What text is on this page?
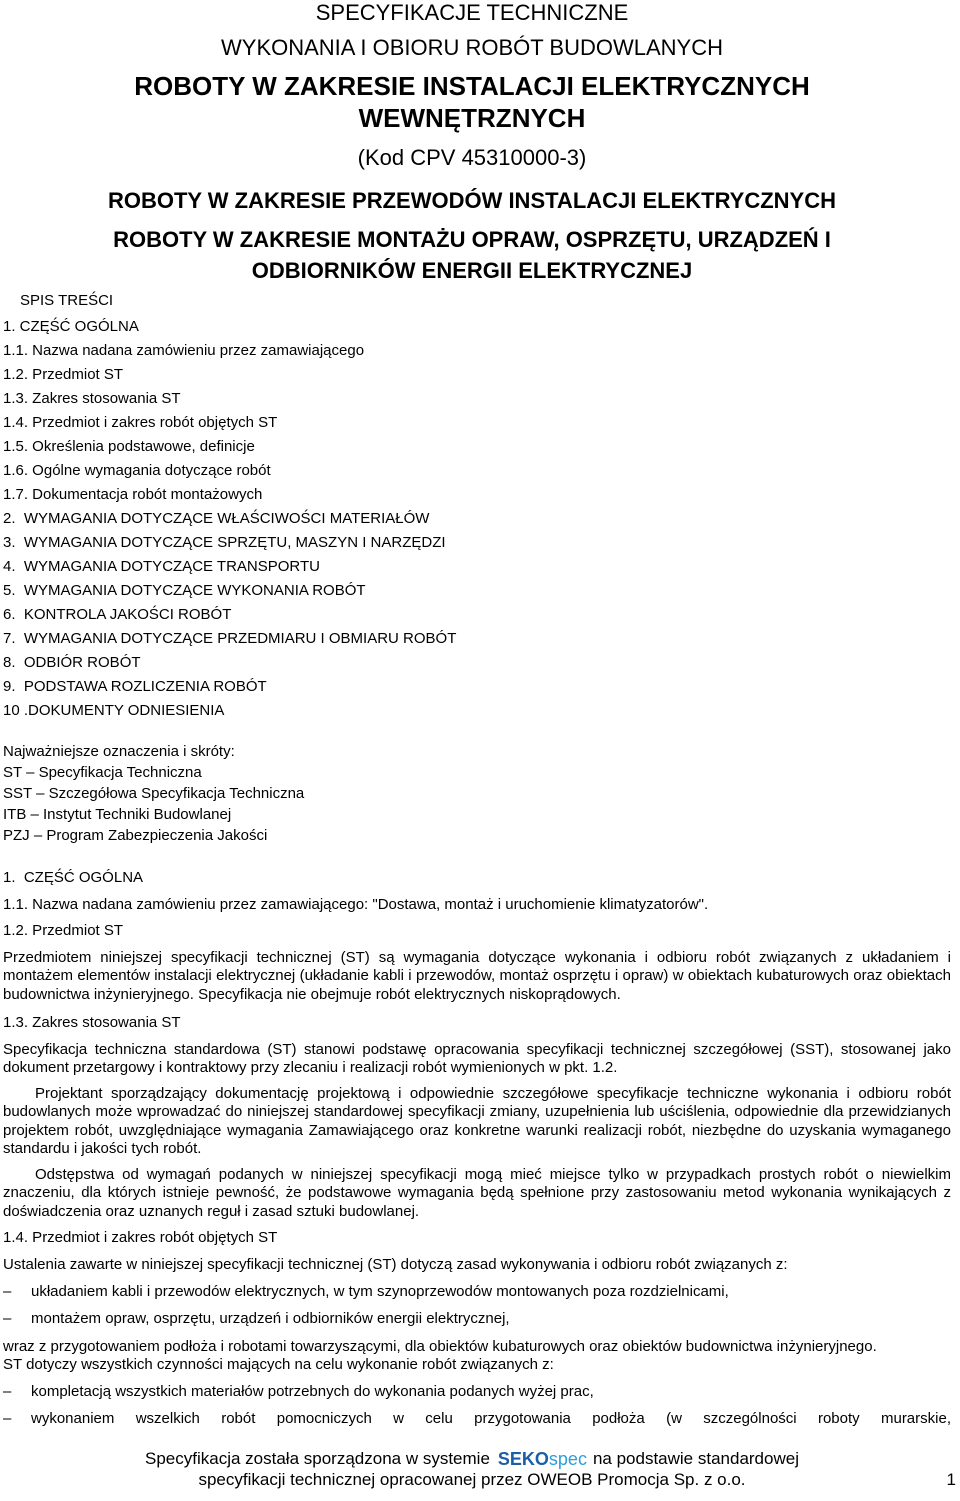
SPECYFIKACJE TECHNICZNE
WYKONANIA I OBIORU ROBÓT BUDOWLANYCH
ROBOTY W ZAKRESIE INSTALACJI ELEKTRYCZNYCH
WEWNĘTRZNYCH
(Kod CPV 45310000-3)
ROBOTY W ZAKRESIE PRZEWODÓW INSTALACJI ELEKTRYCZNYCH
ROBOTY W ZAKRESIE MONTAŻU OPRAW, OSPRZĘTU, URZĄDZEŃ I
ODBIORNIKÓW ENERGII ELEKTRYCZNEJ
SPIS TREŚCI
1. CZĘŚĆ OGÓLNA
1.1. Nazwa nadana zamówieniu przez zamawiającego
1.2. Przedmiot ST
1.3. Zakres stosowania ST
1.4. Przedmiot i zakres robót objętych ST
1.5. Określenia podstawowe, definicje
1.6. Ogólne wymagania dotyczące robót
1.7. Dokumentacja robót montażowych
2.  WYMAGANIA DOTYCZĄCE WŁAŚCIWOŚCI MATERIAŁÓW
3.  WYMAGANIA DOTYCZĄCE SPRZĘTU, MASZYN I NARZĘDZI
4.  WYMAGANIA DOTYCZĄCE TRANSPORTU
5.  WYMAGANIA DOTYCZĄCE WYKONANIA ROBÓT
6.  KONTROLA JAKOŚCI ROBÓT
7.  WYMAGANIA DOTYCZĄCE PRZEDMIARU I OBMIARU ROBÓT
8.  ODBIÓR ROBÓT
9.  PODSTAWA ROZLICZENIA ROBÓT
10 .DOKUMENTY ODNIESIENIA
Najważniejsze oznaczenia i skróty:
ST – Specyfikacja Techniczna
SST – Szczegółowa Specyfikacja Techniczna
ITB – Instytut Techniki Budowlanej
PZJ – Program Zabezpieczenia Jakości
1.  CZĘŚĆ OGÓLNA
1.1. Nazwa nadana zamówieniu przez zamawiającego: "Dostawa, montaż i uruchomienie klimatyzatorów".
1.2. Przedmiot ST
Przedmiotem niniejszej specyfikacji technicznej (ST) są wymagania dotyczące wykonania i odbioru robót związanych z układaniem i montażem elementów instalacji elektrycznej (układanie kabli i przewodów, montaż osprzętu i opraw) w obiektach kubaturowych oraz obiektach budownictwa inżynieryjnego. Specyfikacja nie obejmuje robót elektrycznych niskoprądowych.
1.3. Zakres stosowania ST
Specyfikacja techniczna standardowa (ST) stanowi podstawę opracowania specyfikacji technicznej szczegółowej (SST), stosowanej jako dokument przetargowy i kontraktowy przy zlecaniu i realizacji robót wymienionych w pkt. 1.2.
Projektant sporządzający dokumentację projektową i odpowiednie szczegółowe specyfikacje techniczne wykonania i odbioru robót budowlanych może wprowadzać do niniejszej standardowej specyfikacji zmiany, uzupełnienia lub uściślenia, odpowiednie dla przewidzianych projektem robót, uwzględniające wymagania Zamawiającego oraz konkretne warunki realizacji robót, niezbędne do uzyskania wymaganego standardu i jakości tych robót.
Odstępstwa od wymagań podanych w niniejszej specyfikacji mogą mieć miejsce tylko w przypadkach prostych robót o niewielkim znaczeniu, dla których istnieje pewność, że podstawowe wymagania będą spełnione przy zastosowaniu metod wykonania wynikających z doświadczenia oraz uznanych reguł i zasad sztuki budowlanej.
1.4. Przedmiot i zakres robót objętych ST
Ustalenia zawarte w niniejszej specyfikacji technicznej (ST) dotyczą zasad wykonywania i odbioru robót związanych z:
– układaniem kabli i przewodów elektrycznych, w tym szynoprzewodów montowanych poza rozdzielnicami,
– montażem opraw, osprzętu, urządzeń i odbiorników energii elektrycznej,
wraz z przygotowaniem podłoża i robotami towarzyszącymi, dla obiektów kubaturowych oraz obiektów budownictwa inżynieryjnego.
ST dotyczy wszystkich czynności mających na celu wykonanie robót związanych z:
– kompletacją wszystkich materiałów potrzebnych do wykonania podanych wyżej prac,
– wykonaniem wszelkich robót pomocniczych w celu przygotowania podłoża (w szczególności roboty murarskie,
Specyfikacja została sporządzona w systemie SEKOspec na podstawie standardowej
specyfikacji technicznej opracowanej przez OWEOB Promocja Sp. z o.o.	1
